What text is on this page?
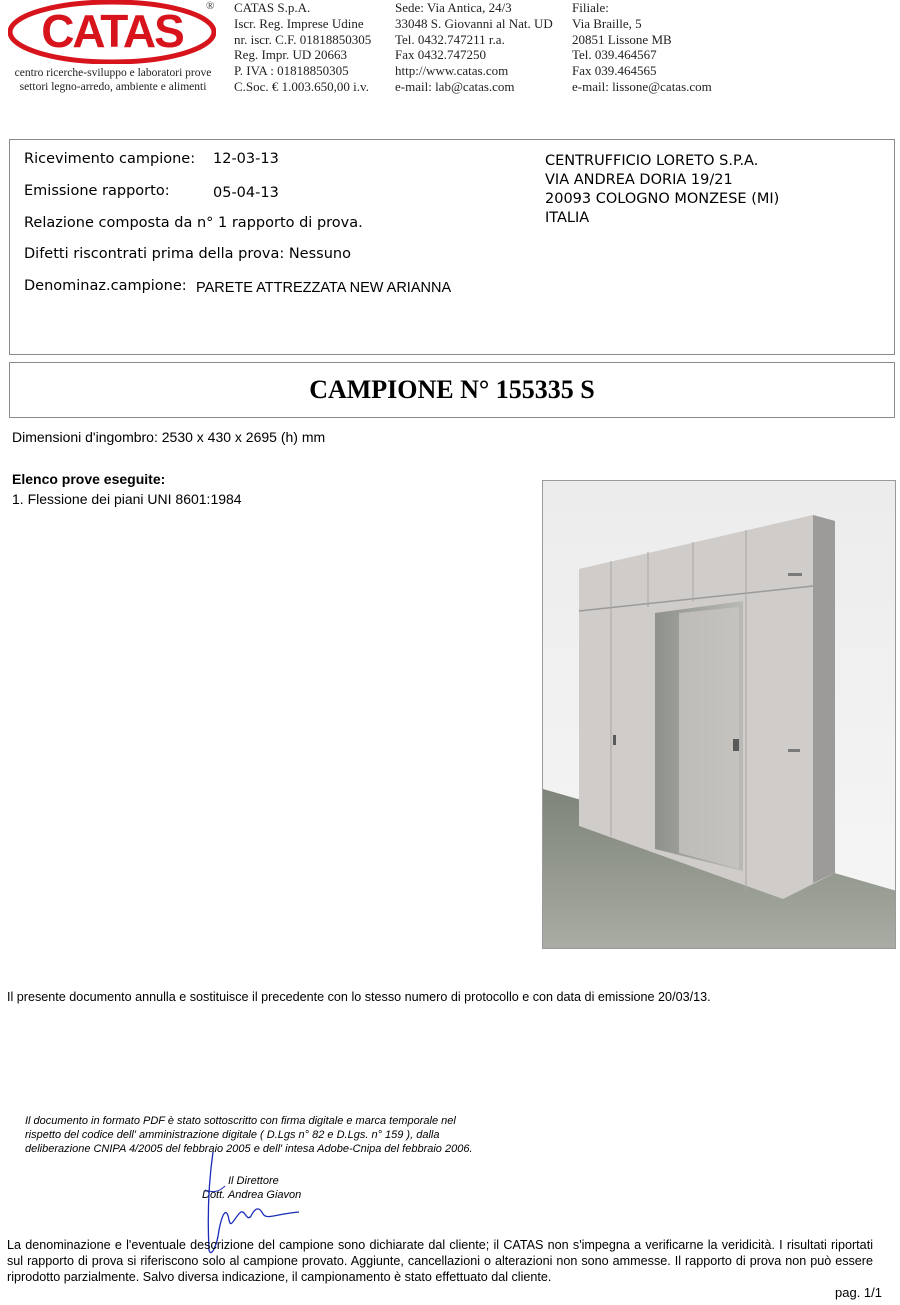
CATAS ®
centro ricerche-sviluppo e laboratori prove
settori legno-arredo, ambiente e alimenti
CATAS S.p.A.
Iscr. Reg. Imprese Udine
nr. iscr. C.F. 01818850305
Reg. Impr. UD 20663
P. IVA : 01818850305
C.Soc. € 1.003.650,00 i.v.
Sede: Via Antica, 24/3
33048 S. Giovanni al Nat. UD
Tel. 0432.747211 r.a.
Fax 0432.747250
http://www.catas.com
e-mail: lab@catas.com
Filiale:
Via Braille, 5
20851 Lissone MB
Tel. 039.464567
Fax 039.464565
e-mail: lissone@catas.com
Ricevimento campione: 12-03-13
Emissione rapporto:	05-04-13
Relazione composta da n° 1 rapporto di prova.
Difetti riscontrati prima della prova: Nessuno
Denominaz.campione: PARETE ATTREZZATA NEW ARIANNA
CENTRUFFICIO LORETO S.P.A.
VIA ANDREA DORIA 19/21
20093 COLOGNO MONZESE (MI)
ITALIA
CAMPIONE N° 155335 S
Dimensioni d'ingombro: 2530 x 430 x 2695 (h) mm
Elenco prove eseguite:
1. Flessione dei piani UNI 8601:1984
Il presente documento annulla e sostituisce il precedente con lo stesso numero di protocollo e con data di emissione 20/03/13.
Il documento in formato PDF è stato sottoscritto con firma digitale e marca temporale nel rispetto del codice dell' amministrazione digitale ( D.Lgs n° 82 e D.Lgs. n° 159 ), dalla deliberazione CNIPA 4/2005 del febbraio 2005 e dell' intesa Adobe-Cnipa del febbraio 2006.
Il Direttore
Dott. Andrea Giavon
La denominazione e l'eventuale descrizione del campione sono dichiarate dal cliente; il CATAS non s'impegna a verificarne la veridicità. I risultati riportati sul rapporto di prova si riferiscono solo al campione provato. Aggiunte, cancellazioni o alterazioni non sono ammesse. Il rapporto di prova non può essere riprodotto parzialmente. Salvo diversa indicazione, il campionamento è stato effettuato dal cliente.
pag. 1/1
